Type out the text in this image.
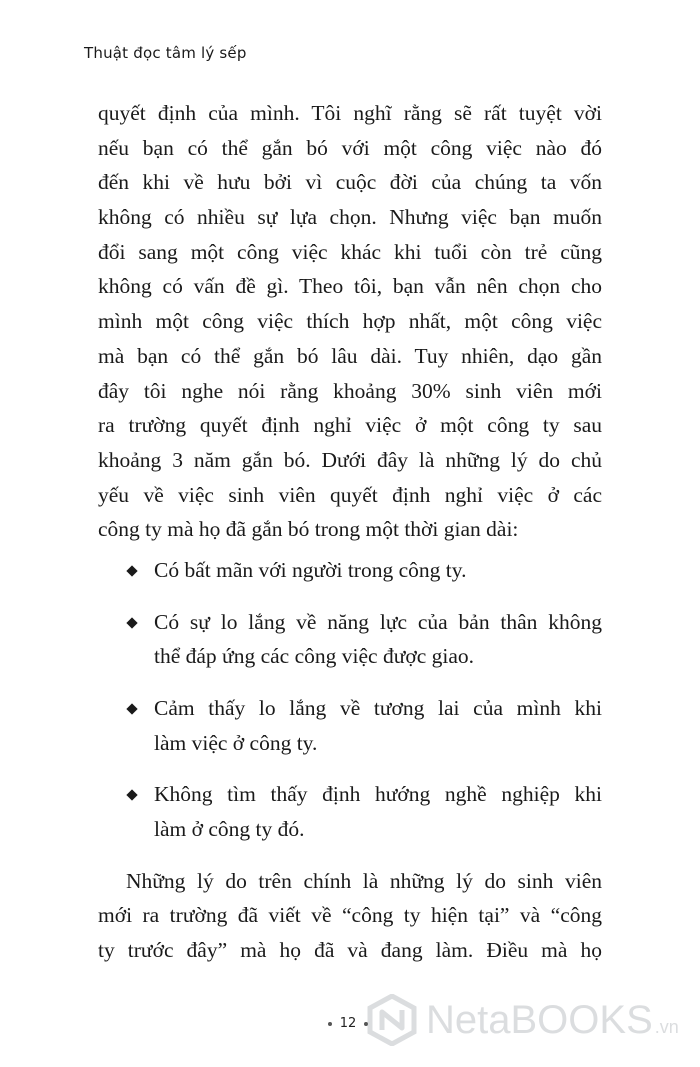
Thuật đọc tâm lý sếp
quyết định của mình. Tôi nghĩ rằng sẽ rất tuyệt vời
nếu bạn có thể gắn bó với một công việc nào đó
đến khi về hưu bởi vì cuộc đời của chúng ta vốn
không có nhiều sự lựa chọn. Nhưng việc bạn muốn
đổi sang một công việc khác khi tuổi còn trẻ cũng
không có vấn đề gì. Theo tôi, bạn vẫn nên chọn cho
mình một công việc thích hợp nhất, một công việc
mà bạn có thể gắn bó lâu dài. Tuy nhiên, dạo gần
đây tôi nghe nói rằng khoảng 30% sinh viên mới
ra trường quyết định nghỉ việc ở một công ty sau
khoảng 3 năm gắn bó. Dưới đây là những lý do chủ
yếu về việc sinh viên quyết định nghỉ việc ở các
công ty mà họ đã gắn bó trong một thời gian dài:
Có bất mãn với người trong công ty.
Có sự lo lắng về năng lực của bản thân không
thể đáp ứng các công việc được giao.
Cảm thấy lo lắng về tương lai của mình khi
làm việc ở công ty.
Không tìm thấy định hướng nghề nghiệp khi
làm ở công ty đó.
Những lý do trên chính là những lý do sinh viên
mới ra trường đã viết về “công ty hiện tại” và “công
ty trước đây” mà họ đã và đang làm. Điều mà họ
12	NetaBOOKS .vn
